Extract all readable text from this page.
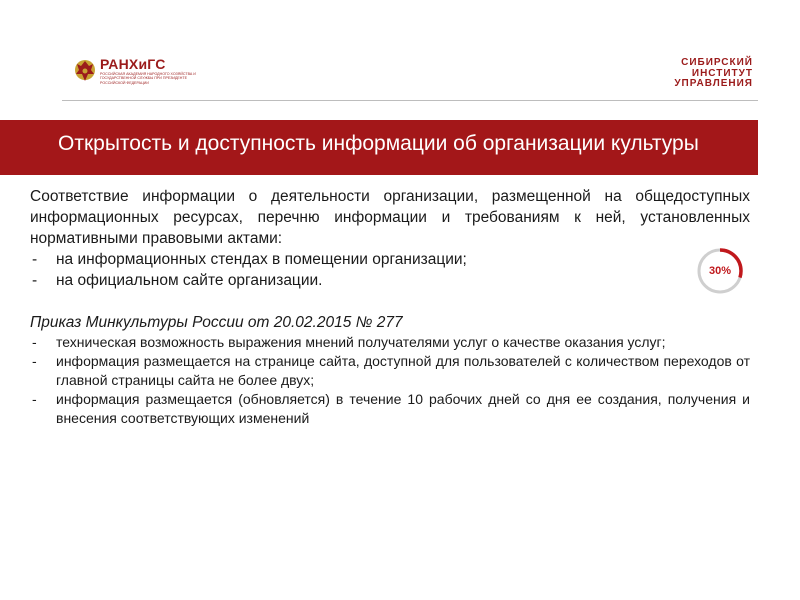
РАНХиГС
РОССИЙСКАЯ АКАДЕМИЯ НАРОДНОГО ХОЗЯЙСТВА И ГОСУДАРСТВЕННОЙ СЛУЖБЫ ПРИ ПРЕЗИДЕНТЕ РОССИЙСКОЙ ФЕДЕРАЦИИ
СИБИРСКИЙ
ИНСТИТУТ
УПРАВЛЕНИЯ
Открытость и доступность информации об организации культуры

Соответствие информации о деятельности организации, размещенной на общедоступных информационных ресурсах, перечню информации и требованиям к ней, установленных нормативными правовыми актами:

- на информационных стендах в помещении организации;
- на официальном сайте организации.

Приказ Минкультуры России от 20.02.2015 № 277

- техническая возможность выражения мнений получателями услуг о качестве оказания услуг;
- информация размещается на странице сайта, доступной для пользователей с количеством переходов от главной страницы сайта не более двух;
- информация размещается (обновляется) в течение 10 рабочих дней со дня ее создания, получения и внесения соответствующих изменений
30%
